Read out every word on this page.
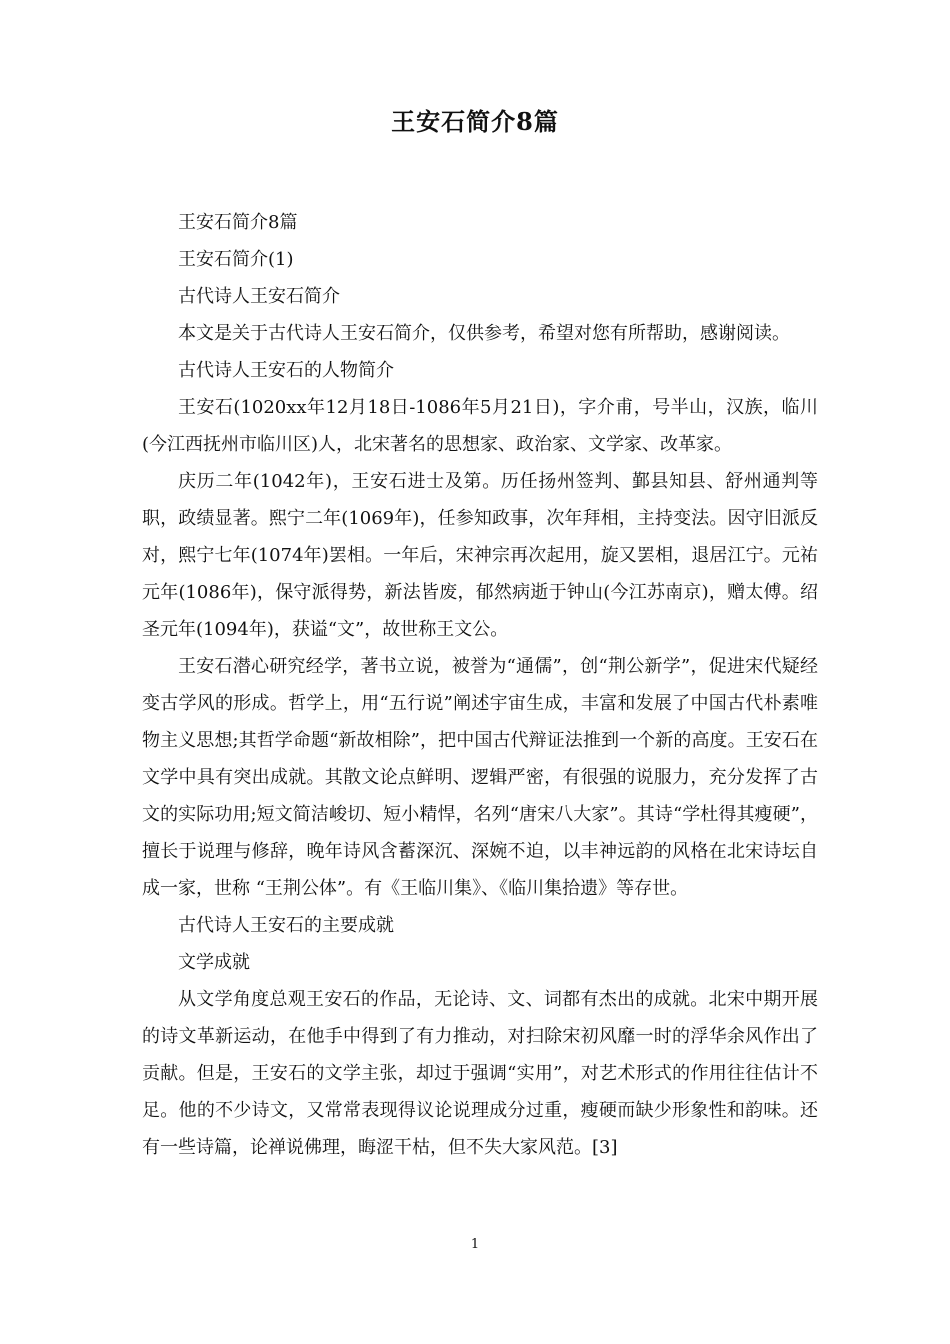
王安石简介8篇

王安石简介8篇

王安石简介(1)

古代诗人王安石简介

本文是关于古代诗人王安石简介，仅供参考，希望对您有所帮助，感谢阅读。

古代诗人王安石的人物简介

王安石(1020xx年12月18日-1086年5月21日)，字介甫，号半山，汉族，临川(今江西抚州市临川区)人，北宋著名的思想家、政治家、文学家、改革家。

庆历二年(1042年)，王安石进士及第。历任扬州签判、鄞县知县、舒州通判等职，政绩显著。熙宁二年(1069年)，任参知政事，次年拜相，主持变法。因守旧派反对，熙宁七年(1074年)罢相。一年后，宋神宗再次起用，旋又罢相，退居江宁。元祐元年(1086年)，保守派得势，新法皆废，郁然病逝于钟山(今江苏南京)，赠太傅。绍圣元年(1094年)，获谥“文”，故世称王文公。

王安石潜心研究经学，著书立说，被誉为“通儒”，创“荆公新学”，促进宋代疑经变古学风的形成。哲学上，用“五行说”阐述宇宙生成，丰富和发展了中国古代朴素唯物主义思想;其哲学命题“新故相除”，把中国古代辩证法推到一个新的高度。王安石在文学中具有突出成就。其散文论点鲜明、逻辑严密，有很强的说服力，充分发挥了古文的实际功用;短文简洁峻切、短小精悍，名列“唐宋八大家”。其诗“学杜得其瘦硬”，擅长于说理与修辞，晚年诗风含蓄深沉、深婉不迫，以丰神远韵的风格在北宋诗坛自成一家，世称 “王荆公体”。有《王临川集》、《临川集拾遗》等存世。

古代诗人王安石的主要成就

文学成就

从文学角度总观王安石的作品，无论诗、文、词都有杰出的成就。北宋中期开展的诗文革新运动，在他手中得到了有力推动，对扫除宋初风靡一时的浮华余风作出了贡献。但是，王安石的文学主张，却过于强调“实用”，对艺术形式的作用往往估计不足。他的不少诗文，又常常表现得议论说理成分过重，瘦硬而缺少形象性和韵味。还有一些诗篇，论禅说佛理，晦涩干枯，但不失大家风范。[3]

1
